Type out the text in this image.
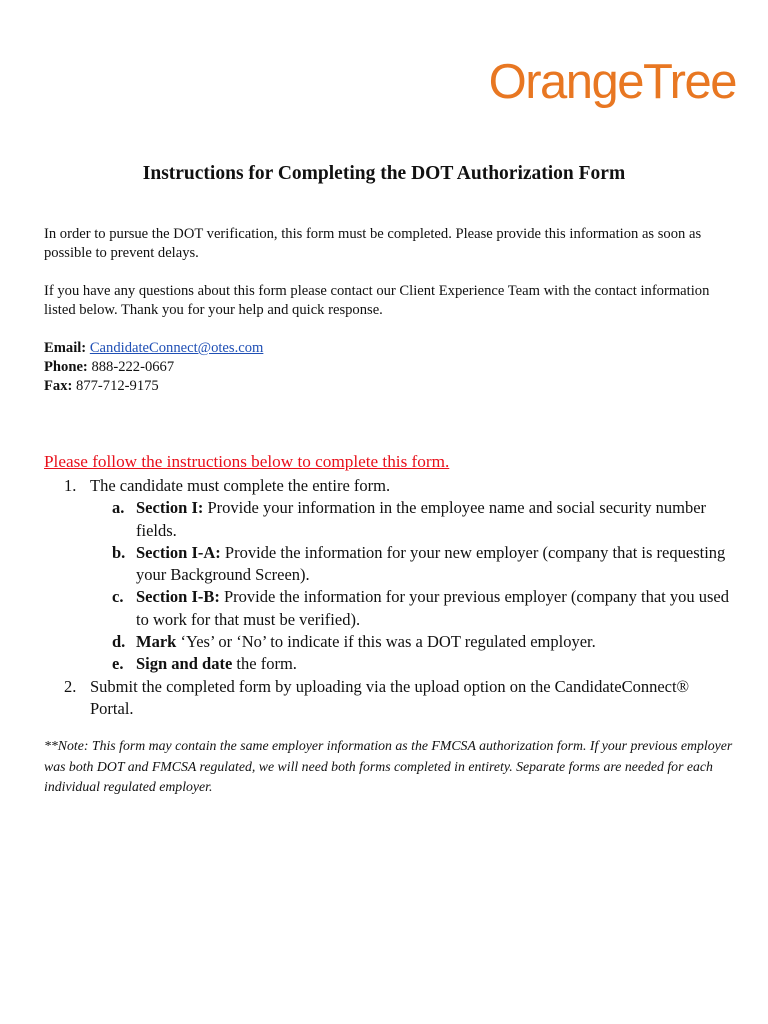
OrangeTree
Instructions for Completing the DOT Authorization Form

In order to pursue the DOT verification, this form must be completed. Please provide this information as soon as possible to prevent delays.

If you have any questions about this form please contact our Client Experience Team with the contact information listed below. Thank you for your help and quick response.

Email: CandidateConnect@otes.com
Phone: 888-222-0667
Fax: 877-712-9175

Please follow the instructions below to complete this form.

1. The candidate must complete the entire form.
a. Section I: Provide your information in the employee name and social security number fields.
b. Section I-A: Provide the information for your new employer (company that is requesting your Background Screen).
c. Section I-B: Provide the information for your previous employer (company that you used to work for that must be verified).
d. Mark ‘Yes’ or ‘No’ to indicate if this was a DOT regulated employer.
e. Sign and date the form.
2. Submit the completed form by uploading via the upload option on the CandidateConnect® Portal.

**Note: This form may contain the same employer information as the FMCSA authorization form. If your previous employer was both DOT and FMCSA regulated, we will need both forms completed in entirety. Separate forms are needed for each individual regulated employer.
